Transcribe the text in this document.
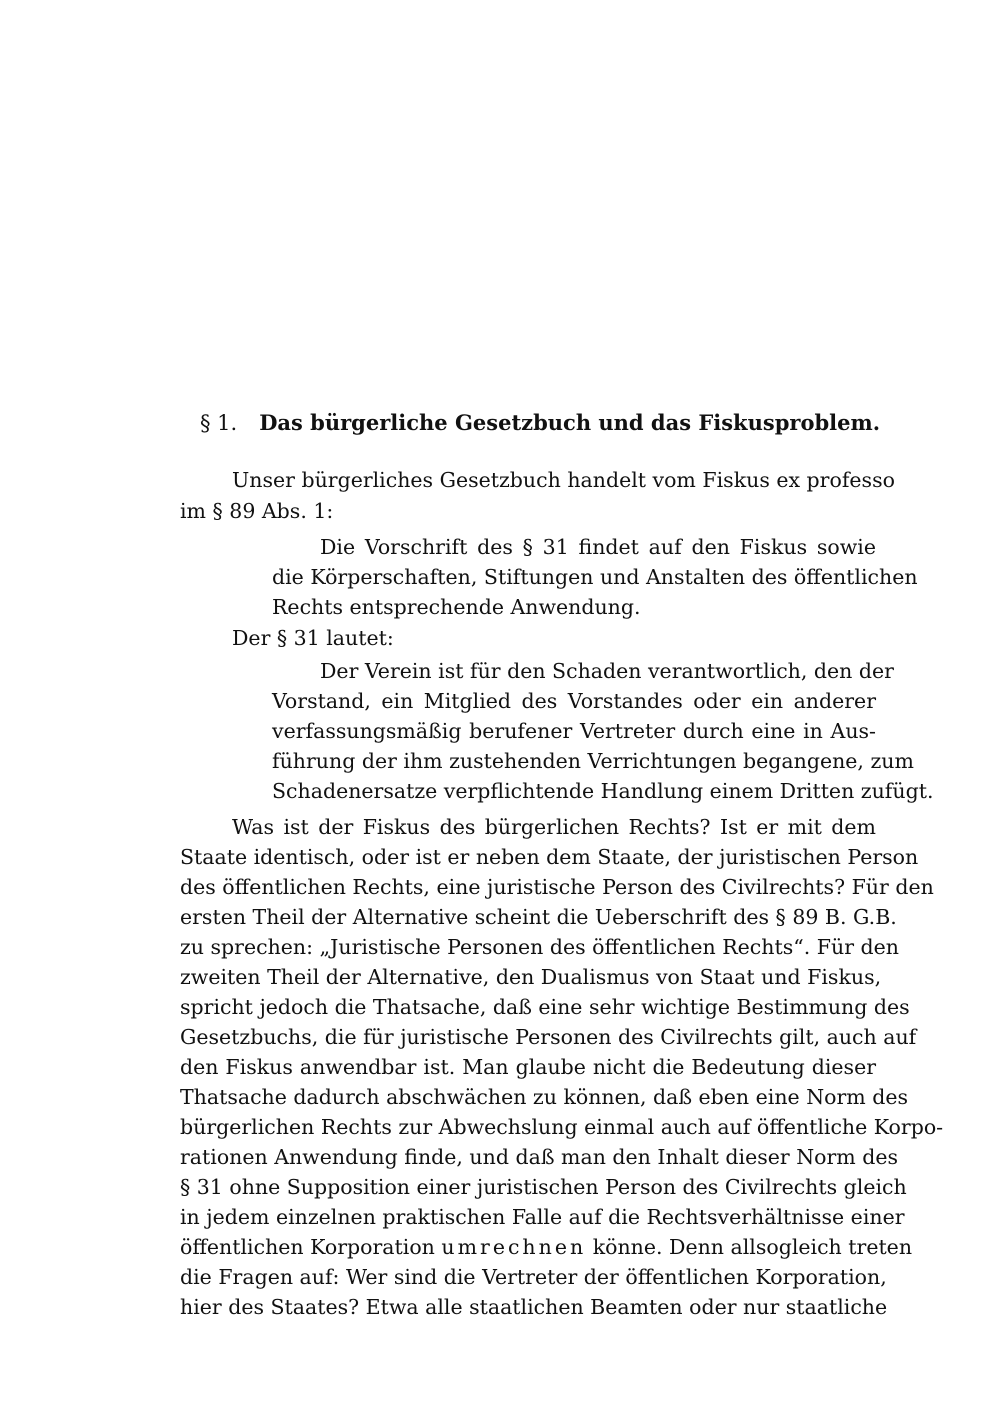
§ 1. Das bürgerliche Gesetzbuch und das Fiskusproblem.
Unser bürgerliches Gesetzbuch handelt vom Fiskus ex professo
im § 89 Abs. 1:
Die Vorschrift des § 31 findet auf den Fiskus sowie
die Körperschaften, Stiftungen und Anstalten des öffentlichen
Rechts entsprechende Anwendung.
Der § 31 lautet:
Der Verein ist für den Schaden verantwortlich, den der
Vorstand, ein Mitglied des Vorstandes oder ein anderer
verfassungsmäßig berufener Vertreter durch eine in Aus-
führung der ihm zustehenden Verrichtungen begangene, zum
Schadenersatze verpflichtende Handlung einem Dritten zufügt.
Was ist der Fiskus des bürgerlichen Rechts? Ist er mit dem
Staate identisch, oder ist er neben dem Staate, der juristischen Person
des öffentlichen Rechts, eine juristische Person des Civilrechts? Für den
ersten Theil der Alternative scheint die Ueberschrift des § 89 B. G.B.
zu sprechen: „Juristische Personen des öffentlichen Rechts“. Für den
zweiten Theil der Alternative, den Dualismus von Staat und Fiskus,
spricht jedoch die Thatsache, daß eine sehr wichtige Bestimmung des
Gesetzbuchs, die für juristische Personen des Civilrechts gilt, auch auf
den Fiskus anwendbar ist. Man glaube nicht die Bedeutung dieser
Thatsache dadurch abschwächen zu können, daß eben eine Norm des
bürgerlichen Rechts zur Abwechslung einmal auch auf öffentliche Korpo-
rationen Anwendung finde, und daß man den Inhalt dieser Norm des
§ 31 ohne Supposition einer juristischen Person des Civilrechts gleich
in jedem einzelnen praktischen Falle auf die Rechtsverhältnisse einer
öffentlichen Korporation umrechnen könne. Denn allsogleich treten
die Fragen auf: Wer sind die Vertreter der öffentlichen Korporation,
hier des Staates? Etwa alle staatlichen Beamten oder nur staatliche
